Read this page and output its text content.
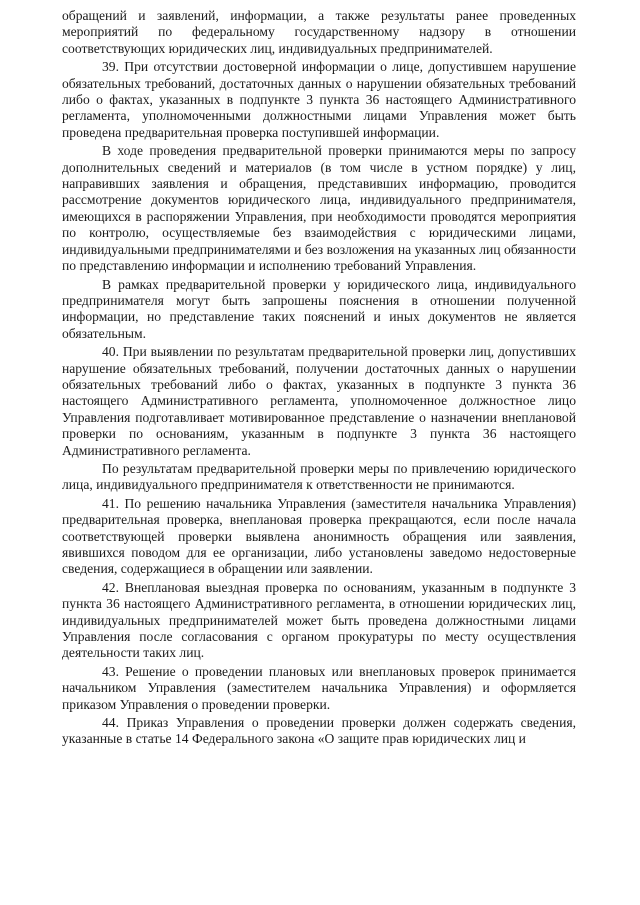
обращений и заявлений, информации, а также результаты ранее проведенных мероприятий по федеральному государственному надзору в отношении соответствующих юридических лиц, индивидуальных предпринимателей.

39. При отсутствии достоверной информации о лице, допустившем нарушение обязательных требований, достаточных данных о нарушении обязательных требований либо о фактах, указанных в подпункте 3 пункта 36 настоящего Административного регламента, уполномоченными должностными лицами Управления может быть проведена предварительная проверка поступившей информации.

В ходе проведения предварительной проверки принимаются меры по запросу дополнительных сведений и материалов (в том числе в устном порядке) у лиц, направивших заявления и обращения, представивших информацию, проводится рассмотрение документов юридического лица, индивидуального предпринимателя, имеющихся в распоряжении Управления, при необходимости проводятся мероприятия по контролю, осуществляемые без взаимодействия с юридическими лицами, индивидуальными предпринимателями и без возложения на указанных лиц обязанности по представлению информации и исполнению требований Управления.

В рамках предварительной проверки у юридического лица, индивидуального предпринимателя могут быть запрошены пояснения в отношении полученной информации, но представление таких пояснений и иных документов не является обязательным.

40. При выявлении по результатам предварительной проверки лиц, допустивших нарушение обязательных требований, получении достаточных данных о нарушении обязательных требований либо о фактах, указанных в подпункте 3 пункта 36 настоящего Административного регламента, уполномоченное должностное лицо Управления подготавливает мотивированное представление о назначении внеплановой проверки по основаниям, указанным в подпункте 3 пункта 36 настоящего Административного регламента.

По результатам предварительной проверки меры по привлечению юридического лица, индивидуального предпринимателя к ответственности не принимаются.

41. По решению начальника Управления (заместителя начальника Управления) предварительная проверка, внеплановая проверка прекращаются, если после начала соответствующей проверки выявлена анонимность обращения или заявления, явившихся поводом для ее организации, либо установлены заведомо недостоверные сведения, содержащиеся в обращении или заявлении.

42. Внеплановая выездная проверка по основаниям, указанным в подпункте 3 пункта 36 настоящего Административного регламента, в отношении юридических лиц, индивидуальных предпринимателей может быть проведена должностными лицами Управления после согласования с органом прокуратуры по месту осуществления деятельности таких лиц.

43. Решение о проведении плановых или внеплановых проверок принимается начальником Управления (заместителем начальника Управления) и оформляется приказом Управления о проведении проверки.

44. Приказ Управления о проведении проверки должен содержать сведения, указанные в статье 14 Федерального закона «О защите прав юридических лиц и
